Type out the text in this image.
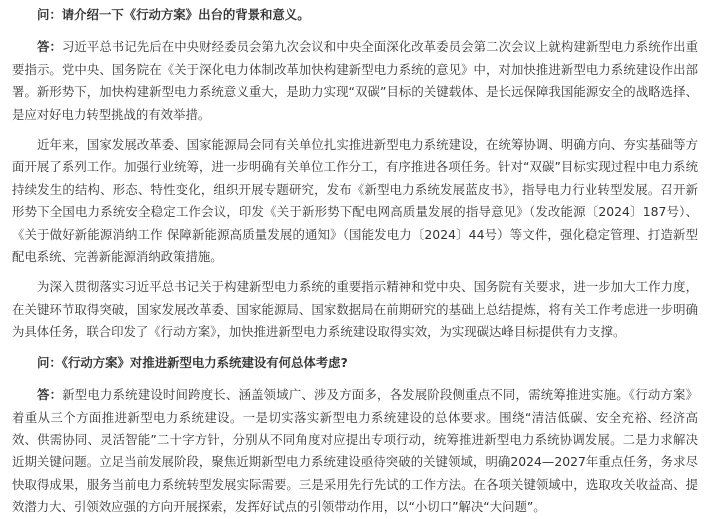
问：请介绍一下《行动方案》出台的背景和意义。

答：习近平总书记先后在中央财经委员会第九次会议和中央全面深化改革委员会第二次会议上就构建新型电力系统作出重要指示。党中央、国务院在《关于深化电力体制改革加快构建新型电力系统的意见》中，对加快推进新型电力系统建设作出部署。新形势下，加快构建新型电力系统意义重大，是助力实现“双碳”目标的关键载体、是长远保障我国能源安全的战略选择、是应对好电力转型挑战的有效举措。

近年来，国家发展改革委、国家能源局会同有关单位扎实推进新型电力系统建设，在统筹协调、明确方向、夯实基础等方面开展了系列工作。加强行业统筹，进一步明确有关单位工作分工，有序推进各项任务。针对“双碳”目标实现过程中电力系统持续发生的结构、形态、特性变化，组织开展专题研究，发布《新型电力系统发展蓝皮书》，指导电力行业转型发展。召开新形势下全国电力系统安全稳定工作会议，印发《关于新形势下配电网高质量发展的指导意见》（发改能源〔2024〕187号）、《关于做好新能源消纳工作 保障新能源高质量发展的通知》（国能发电力〔2024〕44号）等文件，强化稳定管理、打造新型配电系统、完善新能源消纳政策措施。

为深入贯彻落实习近平总书记关于构建新型电力系统的重要指示精神和党中央、国务院有关要求，进一步加大工作力度，在关键环节取得突破，国家发展改革委、国家能源局、国家数据局在前期研究的基础上总结提炼，将有关工作考虑进一步明确为具体任务，联合印发了《行动方案》，加快推进新型电力系统建设取得实效，为实现碳达峰目标提供有力支撑。

问：《行动方案》对推进新型电力系统建设有何总体考虑?

答：新型电力系统建设时间跨度长、涵盖领域广、涉及方面多，各发展阶段侧重点不同，需统筹推进实施。《行动方案》着重从三个方面推进新型电力系统建设。一是切实落实新型电力系统建设的总体要求。围绕“清洁低碳、安全充裕、经济高效、供需协同、灵活智能”二十字方针，分别从不同角度对应提出专项行动，统筹推进新型电力系统协调发展。二是力求解决近期关键问题。立足当前发展阶段，聚焦近期新型电力系统建设亟待突破的关键领域，明确2024—2027年重点任务，务求尽快取得成果，服务当前电力系统转型发展实际需要。三是采用先行先试的工作方法。在各项关键领域中，选取攻关收益高、提效潜力大、引领效应强的方向开展探索，发挥好试点的引领带动作用，以“小切口”解决“大问题”。
